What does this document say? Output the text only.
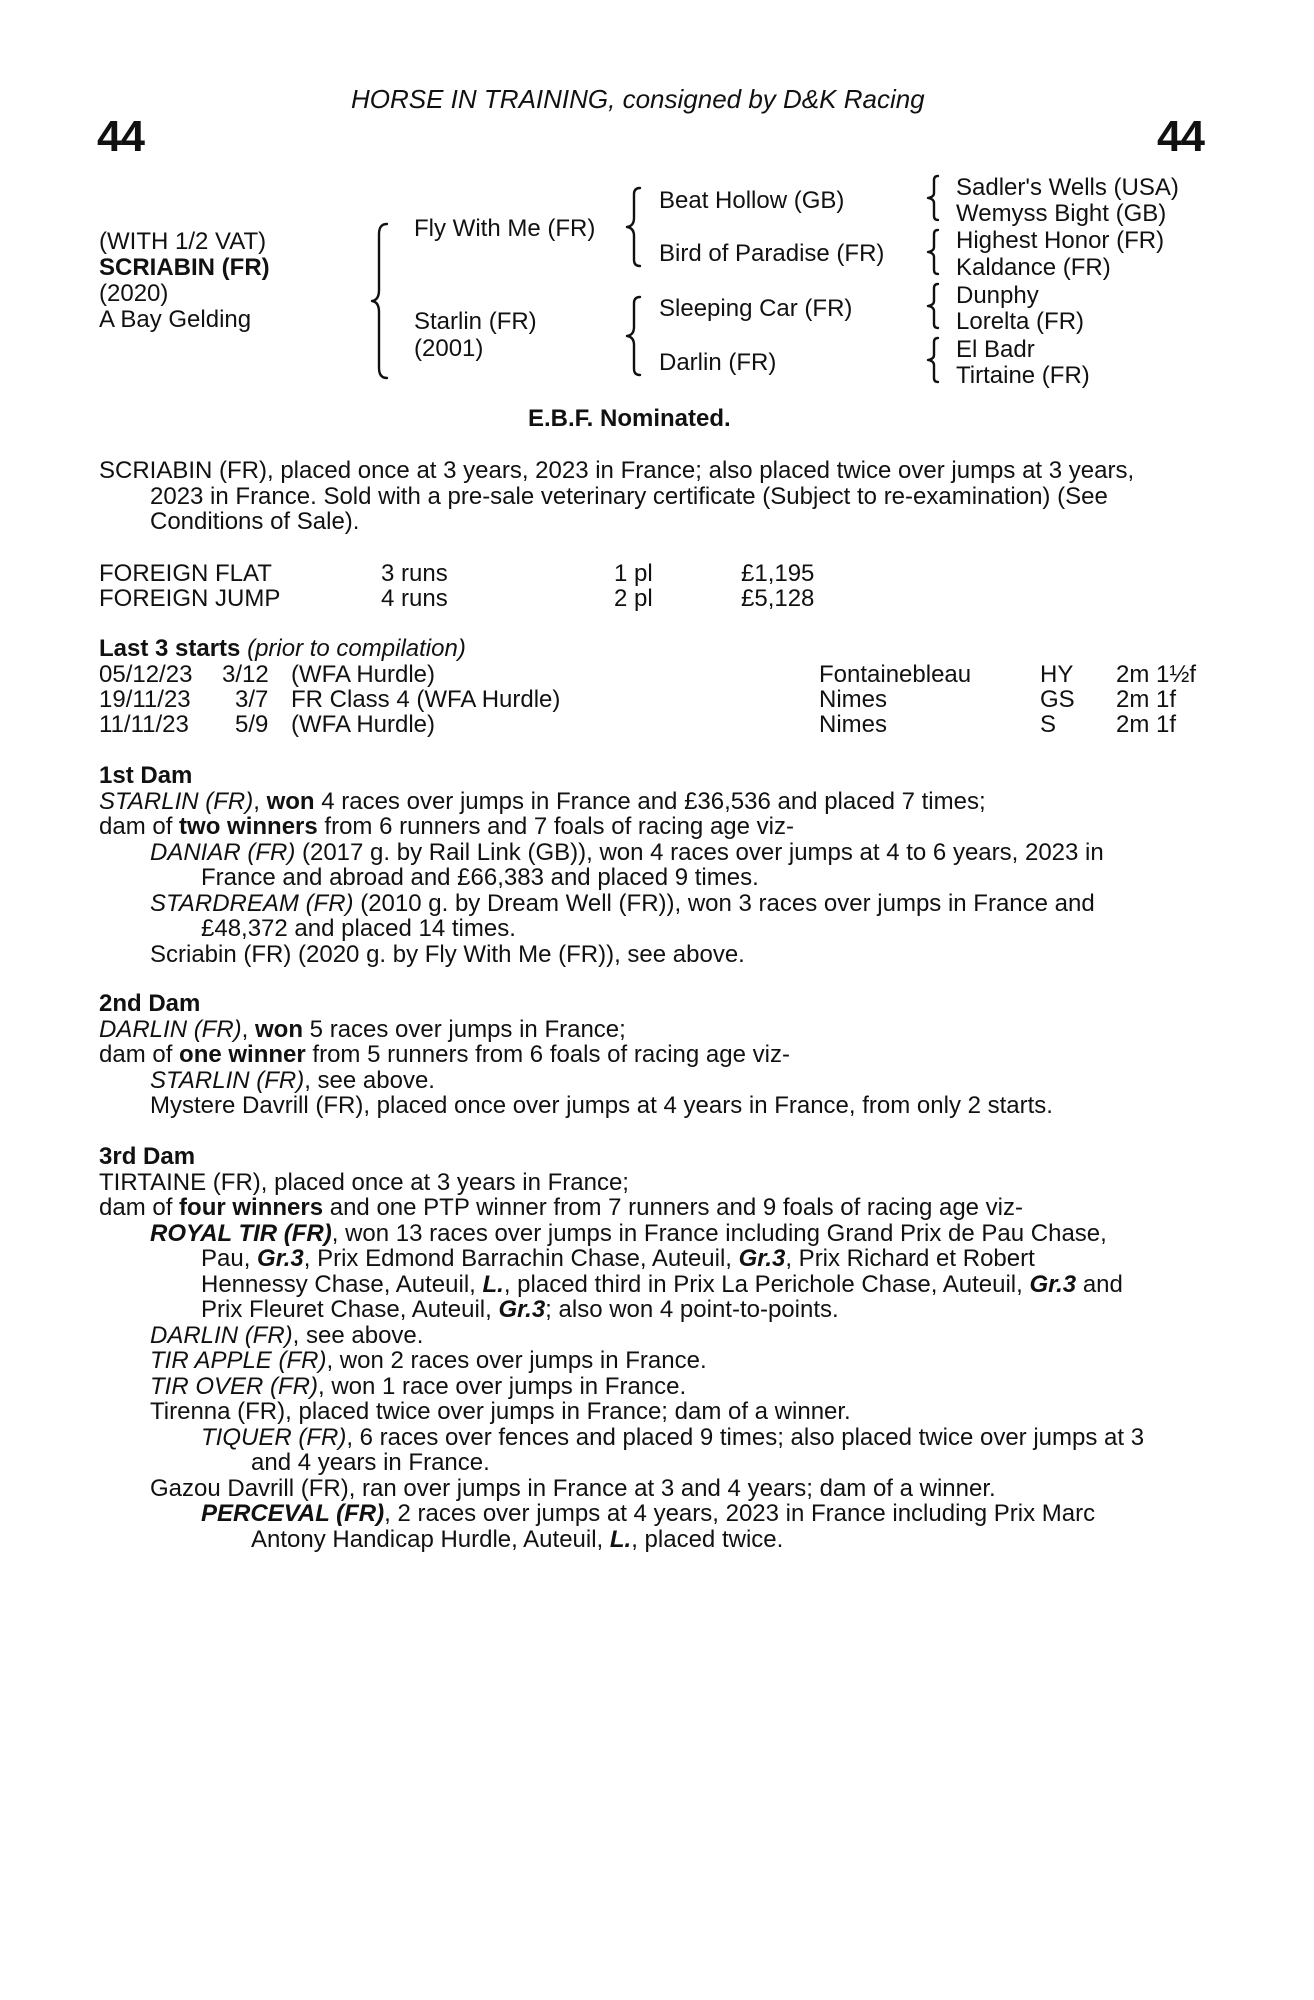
HORSE IN TRAINING, consigned by D&K Racing
44	44
(WITH 1/2 VAT)
SCRIABIN (FR)
(2020)
A Bay Gelding
Fly With Me (FR)
Starlin (FR)
(2001)
Beat Hollow (GB)
Bird of Paradise (FR)
Sleeping Car (FR)
Darlin (FR)
Sadler's Wells (USA)
Wemyss Bight (GB)
Highest Honor (FR)
Kaldance (FR)
Dunphy
Lorelta (FR)
El Badr
Tirtaine (FR)
E.B.F. Nominated.
SCRIABIN (FR), placed once at 3 years, 2023 in France; also placed twice over jumps at 3 years,
2023 in France. Sold with a pre-sale veterinary certificate (Subject to re-examination) (See
Conditions of Sale).
FOREIGN FLAT	3 runs	1 pl	£1,195
FOREIGN JUMP	4 runs	2 pl	£5,128
Last 3 starts (prior to compilation)
05/12/23 3/12 (WFA Hurdle)	Fontainebleau	HY 2m 1½f
19/11/23 3/7 FR Class 4 (WFA Hurdle)	Nimes	GS 2m 1f
11/11/23 5/9 (WFA Hurdle)	Nimes	S 2m 1f
1st Dam
STARLIN (FR), won 4 races over jumps in France and £36,536 and placed 7 times;
dam of two winners from 6 runners and 7 foals of racing age viz-
DANIAR (FR) (2017 g. by Rail Link (GB)), won 4 races over jumps at 4 to 6 years, 2023 in
France and abroad and £66,383 and placed 9 times.
STARDREAM (FR) (2010 g. by Dream Well (FR)), won 3 races over jumps in France and
£48,372 and placed 14 times.
Scriabin (FR) (2020 g. by Fly With Me (FR)), see above.
2nd Dam
DARLIN (FR), won 5 races over jumps in France;
dam of one winner from 5 runners from 6 foals of racing age viz-
STARLIN (FR), see above.
Mystere Davrill (FR), placed once over jumps at 4 years in France, from only 2 starts.
3rd Dam
TIRTAINE (FR), placed once at 3 years in France;
dam of four winners and one PTP winner from 7 runners and 9 foals of racing age viz-
ROYAL TIR (FR), won 13 races over jumps in France including Grand Prix de Pau Chase,
Pau, Gr.3, Prix Edmond Barrachin Chase, Auteuil, Gr.3, Prix Richard et Robert
Hennessy Chase, Auteuil, L., placed third in Prix La Perichole Chase, Auteuil, Gr.3 and
Prix Fleuret Chase, Auteuil, Gr.3; also won 4 point-to-points.
DARLIN (FR), see above.
TIR APPLE (FR), won 2 races over jumps in France.
TIR OVER (FR), won 1 race over jumps in France.
Tirenna (FR), placed twice over jumps in France; dam of a winner.
TIQUER (FR), 6 races over fences and placed 9 times; also placed twice over jumps at 3
and 4 years in France.
Gazou Davrill (FR), ran over jumps in France at 3 and 4 years; dam of a winner.
PERCEVAL (FR), 2 races over jumps at 4 years, 2023 in France including Prix Marc
Antony Handicap Hurdle, Auteuil, L., placed twice.
